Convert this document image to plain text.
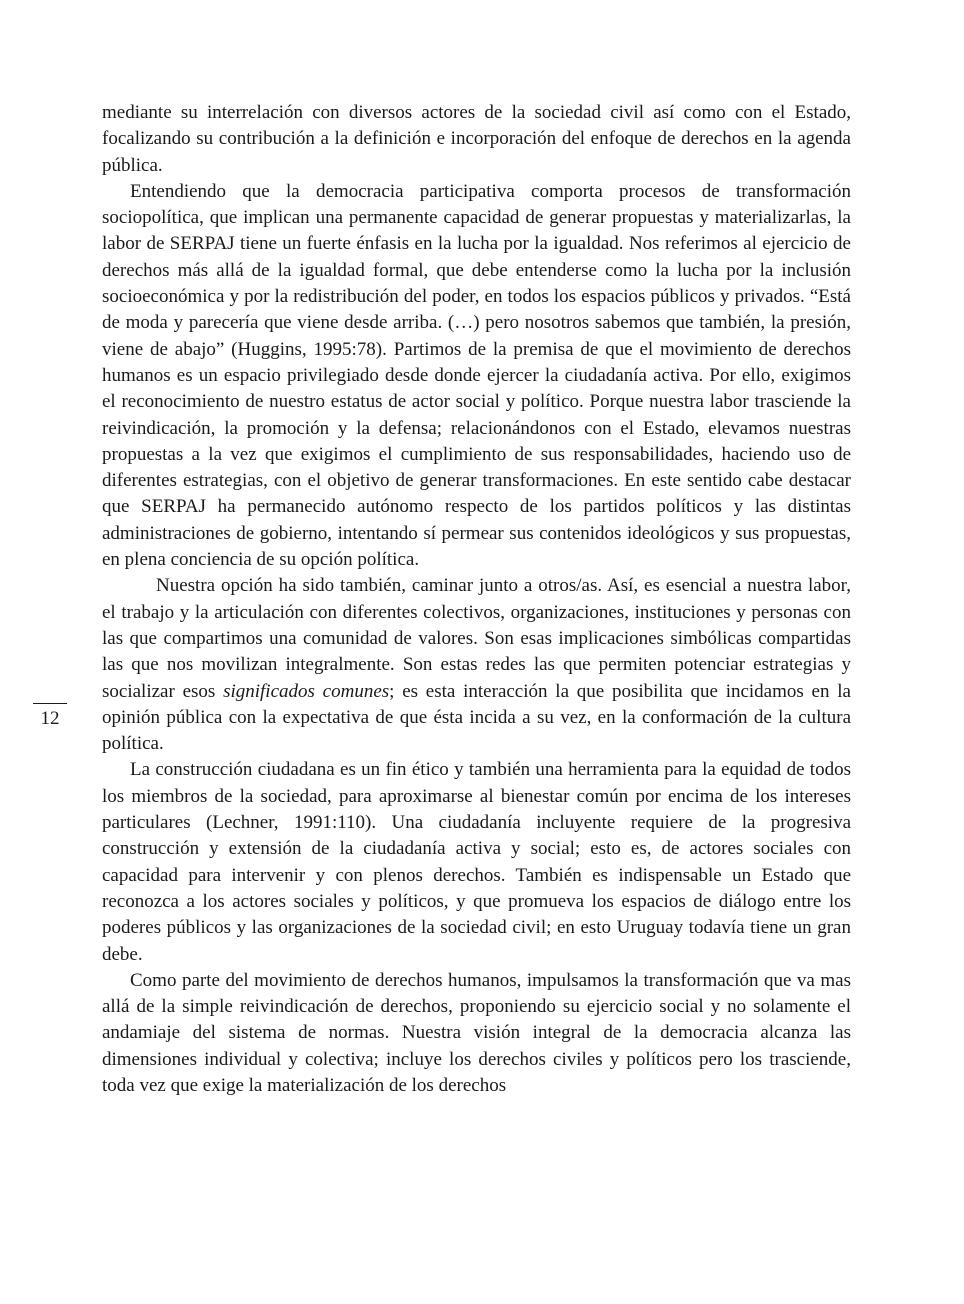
mediante su interrelación con diversos actores de la sociedad civil así como con el Estado, focalizando su contribución a la definición e incorporación del enfoque de derechos en la agenda pública.

Entendiendo que la democracia participativa comporta procesos de transformación sociopolítica, que implican una permanente capacidad de generar propuestas y materializarlas, la labor de SERPAJ tiene un fuerte énfasis en la lucha por la igualdad. Nos referimos al ejercicio de derechos más allá de la igualdad formal, que debe entenderse como la lucha por la inclusión socioeconómica y por la redistribución del poder, en todos los espacios públicos y privados. “Está de moda y parecería que viene desde arriba. (…) pero nosotros sabemos que también, la presión, viene de abajo” (Huggins, 1995:78). Partimos de la premisa de que el movimiento de derechos humanos es un espacio privilegiado desde donde ejercer la ciudadanía activa. Por ello, exigimos el reconocimiento de nuestro estatus de actor social y político. Porque nuestra labor trasciende la reivindicación, la promoción y la defensa; relacionándonos con el Estado, elevamos nuestras propuestas a la vez que exigimos el cumplimiento de sus responsabilidades, haciendo uso de diferentes estrategias, con el objetivo de generar transformaciones. En este sentido cabe destacar que SERPAJ ha permanecido autónomo respecto de los partidos políticos y las distintas administraciones de gobierno, intentando sí permear sus contenidos ideológicos y sus propuestas, en plena conciencia de su opción política.

Nuestra opción ha sido también, caminar junto a otros/as. Así, es esencial a nuestra labor, el trabajo y la articulación con diferentes colectivos, organizaciones, instituciones y personas con las que compartimos una comunidad de valores. Son esas implicaciones simbólicas compartidas las que nos movilizan integralmente. Son estas redes las que permiten potenciar estrategias y socializar esos significados comunes; es esta interacción la que posibilita que incidamos en la opinión pública con la expectativa de que ésta incida a su vez, en la conformación de la cultura política.

La construcción ciudadana es un fin ético y también una herramienta para la equidad de todos los miembros de la sociedad, para aproximarse al bienestar común por encima de los intereses particulares (Lechner, 1991:110). Una ciudadanía incluyente requiere de la progresiva construcción y extensión de la ciudadanía activa y social; esto es, de actores sociales con capacidad para intervenir y con plenos derechos. También es indispensable un Estado que reconozca a los actores sociales y políticos, y que promueva los espacios de diálogo entre los poderes públicos y las organizaciones de la sociedad civil; en esto Uruguay todavía tiene un gran debe.

Como parte del movimiento de derechos humanos, impulsamos la transformación que va mas allá de la simple reivindicación de derechos, proponiendo su ejercicio social y no solamente el andamiaje del sistema de normas. Nuestra visión integral de la democracia alcanza las dimensiones individual y colectiva; incluye los derechos civiles y políticos pero los trasciende, toda vez que exige la materialización de los derechos

12
